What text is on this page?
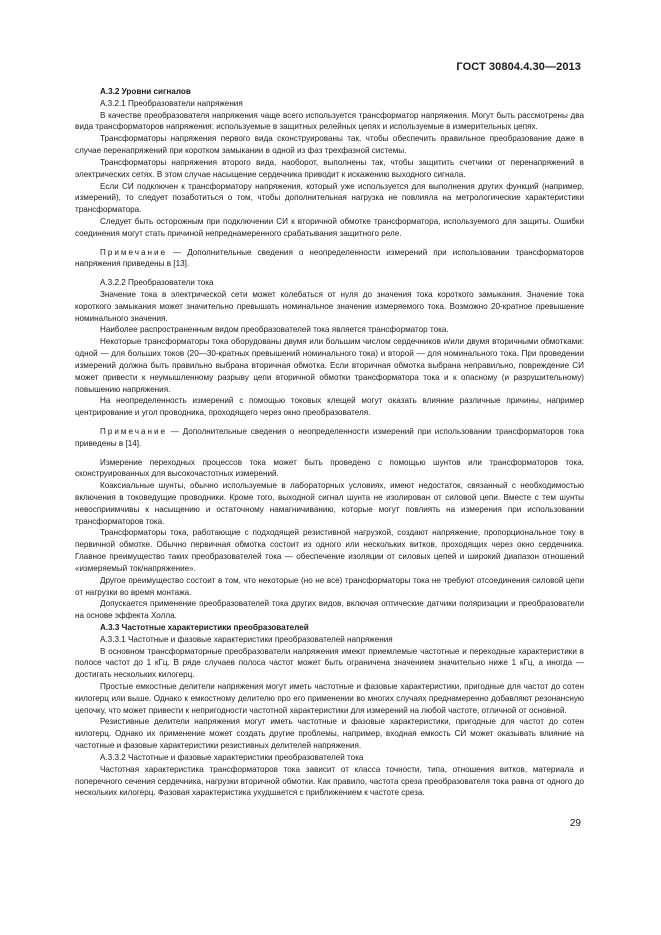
ГОСТ 30804.4.30—2013

А.3.2 Уровни сигналов

А.3.2.1 Преобразователи напряжения

В качестве преобразователя напряжения чаще всего используется трансформатор напряжения. Могут быть рассмотрены два вида трансформаторов напряжения: используемые в защитных релейных цепях и используемые в измерительных цепях.

Трансформаторы напряжения первого вида сконструированы так, чтобы обеспечить правильное преобразование даже в случае перенапряжений при коротком замыкании в одной из фаз трехфазной системы.

Трансформаторы напряжения второго вида, наоборот, выполнены так, чтобы защитить счетчики от перенапряжений в электрических сетях. В этом случае насыщение сердечника приводит к искажению выходного сигнала.

Если СИ подключен к трансформатору напряжения, который уже используется для выполнения других функций (например, измерений), то следует позаботиться о том, чтобы дополнительная нагрузка не повлияла на метрологические характеристики трансформатора.

Следует быть осторожным при подключении СИ к вторичной обмотке трансформатора, используемого для защиты. Ошибки соединения могут стать причиной непреднамеренного срабатывания защитного реле.

Примечание — Дополнительные сведения о неопределенности измерений при использовании трансформаторов напряжения приведены в [13].

А.3.2.2 Преобразователи тока

Значение тока в электрической сети может колебаться от нуля до значения тока короткого замыкания. Значение тока короткого замыкания может значительно превышать номинальное значение измеряемого тока. Возможно 20-кратное превышение номинального значения.

Наиболее распространенным видом преобразователей тока является трансформатор тока.

Некоторые трансформаторы тока оборудованы двумя или большим числом сердечников и/или двумя вторичными обмотками: одной — для больших токов (20—30-кратных превышений номинального тока) и второй — для номинального тока. При проведении измерений должна быть правильно выбрана вторичная обмотка. Если вторичная обмотка выбрана неправильно, повреждение СИ может привести к неумышленному разрыву цепи вторичной обмотки трансформатора тока и к опасному (и разрушительному) повышению напряжения.

На неопределенность измерений с помощью токовых клещей могут оказать влияние различные причины, например центрирование и угол проводника, проходящего через окно преобразователя.

Примечание — Дополнительные сведения о неопределенности измерений при использовании трансформаторов тока приведены в [14].

Измерение переходных процессов тока может быть проведено с помощью шунтов или трансформаторов тока, сконструированных для высокочастотных измерений.

Коаксиальные шунты, обычно используемые в лабораторных условиях, имеют недостаток, связанный с необходимостью включения в токоведущие проводники. Кроме того, выходной сигнал шунта не изолирован от силовой цепи. Вместе с тем шунты невосприимчивы к насыщению и остаточному намагничиванию, которые могут повлиять на измерения при использовании трансформаторов тока.

Трансформаторы тока, работающие с подходящей резистивной нагрузкой, создают напряжение, пропорциональное току в первичной обмотке. Обычно первичная обмотка состоит из одного или нескольких витков, проходящих через окно сердечника. Главное преимущество таких преобразователей тока — обеспечение изоляции от силовых цепей и широкий диапазон отношений «измеряемый ток/напряжение».

Другое преимущество состоит в том, что некоторые (но не все) трансформаторы тока не требуют отсоединения силовой цепи от нагрузки во время монтажа.

Допускается применение преобразователей тока других видов, включая оптические датчики поляризации и преобразователи на основе эффекта Холла.

А.3.3 Частотные характеристики преобразователей

А.3.3.1 Частотные и фазовые характеристики преобразователей напряжения

В основном трансформаторные преобразователи напряжения имеют приемлемые частотные и переходные характеристики в полосе частот до 1 кГц. В ряде случаев полоса частот может быть ограничена значением значительно ниже 1 кГц, а иногда — достигать нескольких килогерц.

Простые емкостные делители напряжения могут иметь частотные и фазовые характеристики, пригодные для частот до сотен килогерц или выше. Однако к емкостному делителю про его применении во многих случаях преднамеренно добавляют резонансную цепочку, что может привести к непригодности частотной характеристики для измерений на любой частоте, отличной от основной.

Резистивные делители напряжения могут иметь частотные и фазовые характеристики, пригодные для частот до сотен килогерц. Однако их применение может создать другие проблемы, например, входная емкость СИ может оказывать влияние на частотные и фазовые характеристики резистивных делителей напряжения.

А.3.3.2 Частотные и фазовые характеристики преобразователей тока

Частотная характеристика трансформаторов тока зависит от класса точности, типа, отношения витков, материала и поперечного сечения сердечника, нагрузки вторичной обмотки. Как правило, частота среза преобразователя тока равна от одного до нескольких килогерц. Фазовая характеристика ухудшается с приближением к частоте среза.

29
